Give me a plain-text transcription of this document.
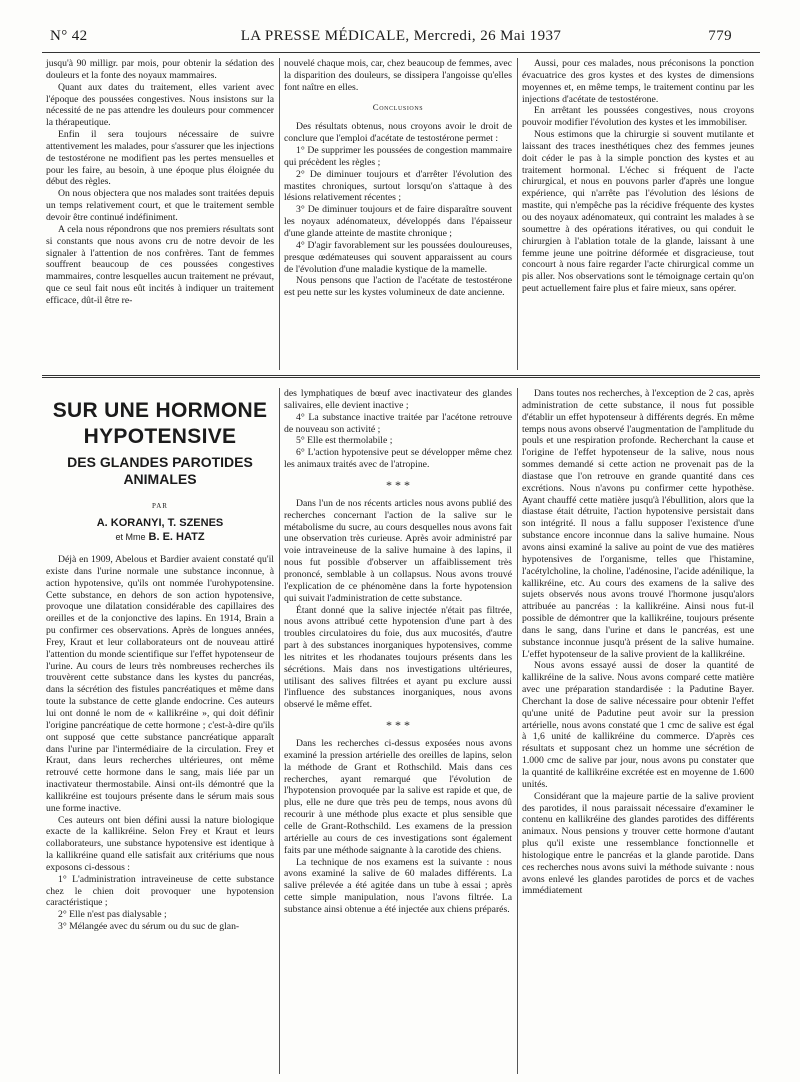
N° 42	LA PRESSE MÉDICALE, Mercredi, 26 Mai 1937	779

jusqu'à 90 milligr. par mois, pour obtenir la sédation des douleurs et la fonte des noyaux mammaires.

Quant aux dates du traitement, elles varient avec l'époque des poussées congestives. Nous insistons sur la nécessité de ne pas attendre les douleurs pour commencer la thérapeutique.

Enfin il sera toujours nécessaire de suivre attentivement les malades, pour s'assurer que les injections de testostérone ne modifient pas les pertes mensuelles et pour les faire, au besoin, à une époque plus éloignée du début des règles.

On nous objectera que nos malades sont traitées depuis un temps relativement court, et que le traitement semble devoir être continué indéfiniment.

A cela nous répondrons que nos premiers résultats sont si constants que nous avons cru de notre devoir de les signaler à l'attention de nos confrères. Tant de femmes souffrent beaucoup de ces poussées congestives mammaires, contre lesquelles aucun traitement ne prévaut, que ce seul fait nous eût incités à indiquer un traitement efficace, dût-il être re-

nouvelé chaque mois, car, chez beaucoup de femmes, avec la disparition des douleurs, se dissipera l'angoisse qu'elles font naître en elles.

Conclusions

Des résultats obtenus, nous croyons avoir le droit de conclure que l'emploi d'acétate de testostérone permet :

1° De supprimer les poussées de congestion mammaire qui précèdent les règles ;

2° De diminuer toujours et d'arrêter l'évolution des mastites chroniques, surtout lorsqu'on s'attaque à des lésions relativement récentes ;

3° De diminuer toujours et de faire disparaître souvent les noyaux adénomateux, développés dans l'épaisseur d'une glande atteinte de mastite chronique ;

4° D'agir favorablement sur les poussées douloureuses, presque œdémateuses qui souvent apparaissent au cours de l'évolution d'une maladie kystique de la mamelle.

Nous pensons que l'action de l'acétate de testostérone est peu nette sur les kystes volumineux de date ancienne.

Aussi, pour ces malades, nous préconisons la ponction évacuatrice des gros kystes et des kystes de dimensions moyennes et, en même temps, le traitement continu par les injections d'acétate de testostérone.

En arrêtant les poussées congestives, nous croyons pouvoir modifier l'évolution des kystes et les immobiliser.

Nous estimons que la chirurgie si souvent mutilante et laissant des traces inesthétiques chez des femmes jeunes doit céder le pas à la simple ponction des kystes et au traitement hormonal. L'échec si fréquent de l'acte chirurgical, et nous en pouvons parler d'après une longue expérience, qui n'arrête pas l'évolution des lésions de mastite, qui n'empêche pas la récidive fréquente des kystes ou des noyaux adénomateux, qui contraint les malades à se soumettre à des opérations itératives, ou qui conduit le chirurgien à l'ablation totale de la glande, laissant à une femme jeune une poitrine déformée et disgracieuse, tout concourt à nous faire regarder l'acte chirurgical comme un pis aller. Nos observations sont le témoignage certain qu'on peut actuellement faire plus et faire mieux, sans opérer.

SUR UNE HORMONE HYPOTENSIVE

DES GLANDES PAROTIDES ANIMALES

PAR

A. KORANYI, T. SZENES

et Mme B. E. HATZ

Déjà en 1909, Abelous et Bardier avaient constaté qu'il existe dans l'urine normale une substance inconnue, à action hypotensive, qu'ils ont nommée l'urohypotensine. Cette substance, en dehors de son action hypotensive, provoque une dilatation considérable des capillaires des oreilles et de la conjonctive des lapins. En 1914, Brain a pu confirmer ces observations. Après de longues années, Frey, Kraut et leur collaborateurs ont de nouveau attiré l'attention du monde scientifique sur l'effet hypotenseur de l'urine. Au cours de leurs très nombreuses recherches ils trouvèrent cette substance dans les kystes du pancréas, dans la sécrétion des fistules pancréatiques et même dans toute la substance de cette glande endocrine. Ces auteurs lui ont donné le nom de « kallikréine », qui doit définir l'origine pancréatique de cette hormone ; c'est-à-dire qu'ils ont supposé que cette substance pancréatique apparaît dans l'urine par l'intermédiaire de la circulation. Frey et Kraut, dans leurs recherches ultérieures, ont même retrouvé cette hormone dans le sang, mais liée par un inactivateur thermostabile. Ainsi ont-ils démontré que la kallikréine est toujours présente dans le sérum mais sous une forme inactive.

Ces auteurs ont bien défini aussi la nature biologique exacte de la kallikréine. Selon Frey et Kraut et leurs collaborateurs, une substance hypotensive est identique à la kallikréine quand elle satisfait aux critériums que nous exposons ci-dessous :

1° L'administration intraveineuse de cette substance chez le chien doit provoquer une hypotension caractéristique ;

2° Elle n'est pas dialysable ;

3° Mélangée avec du sérum ou du suc de glan-

des lymphatiques de bœuf avec inactivateur des glandes salivaires, elle devient inactive ;

4° La substance inactive traitée par l'acétone retrouve de nouveau son activité ;

5° Elle est thermolabile ;

6° L'action hypotensive peut se développer même chez les animaux traités avec de l'atropine.

* * *

Dans l'un de nos récents articles nous avons publié des recherches concernant l'action de la salive sur le métabolisme du sucre, au cours desquelles nous avons fait une observation très curieuse. Après avoir administré par voie intraveineuse de la salive humaine à des lapins, il nous fut possible d'observer un affaiblissement très prononcé, semblable à un collapsus. Nous avons trouvé l'explication de ce phénomène dans la forte hypotension qui suivait l'administration de cette substance.

Étant donné que la salive injectée n'était pas filtrée, nous avons attribué cette hypotension d'une part à des troubles circulatoires du foie, dus aux mucosités, d'autre part à des substances inorganiques hypotensives, comme les nitrites et les rhodanates toujours présents dans les sécrétions. Mais dans nos investigations ultérieures, utilisant des salives filtrées et ayant pu exclure aussi l'influence des substances inorganiques, nous avons observé le même effet.

* * *

Dans les recherches ci-dessus exposées nous avons examiné la pression artérielle des oreilles de lapins, selon la méthode de Grant et Rothschild. Mais dans ces recherches, ayant remarqué que l'évolution de l'hypotension provoquée par la salive est rapide et que, de plus, elle ne dure que très peu de temps, nous avons dû recourir à une méthode plus exacte et plus sensible que celle de Grant-Rothschild. Les examens de la pression artérielle au cours de ces investigations sont également faits par une méthode saignante à la carotide des chiens.

La technique de nos examens est la suivante : nous avons examiné la salive de 60 malades différents. La salive prélevée a été agitée dans un tube à essai ; après cette simple manipulation, nous l'avons filtrée. La substance ainsi obtenue a été injectée aux chiens préparés.

Dans toutes nos recherches, à l'exception de 2 cas, après administration de cette substance, il nous fut possible d'établir un effet hypotenseur à différents degrés. En même temps nous avons observé l'augmentation de l'amplitude du pouls et une respiration profonde. Recherchant la cause et l'origine de l'effet hypotenseur de la salive, nous nous sommes demandé si cette action ne provenait pas de la diastase que l'on retrouve en grande quantité dans ces excrétions. Nous n'avons pu confirmer cette hypothèse. Ayant chauffé cette matière jusqu'à l'ébullition, alors que la diastase était détruite, l'action hypotensive persistait dans son intégrité. Il nous a fallu supposer l'existence d'une substance encore inconnue dans la salive humaine. Nous avons ainsi examiné la salive au point de vue des matières hypotensives de l'organisme, telles que l'histamine, l'acétylcholine, la choline, l'adénosine, l'acide adénilique, la kallikréine, etc. Au cours des examens de la salive des sujets observés nous avons trouvé l'hormone jusqu'alors attribuée au pancréas : la kallikréine. Ainsi nous fut-il possible de démontrer que la kallikréine, toujours présente dans le sang, dans l'urine et dans le pancréas, est une substance inconnue jusqu'à présent de la salive humaine. L'effet hypotenseur de la salive provient de la kallikréine.

Nous avons essayé aussi de doser la quantité de kallikréine de la salive. Nous avons comparé cette matière avec une préparation standardisée : la Padutine Bayer. Cherchant la dose de salive nécessaire pour obtenir l'effet qu'une unité de Padutine peut avoir sur la pression artérielle, nous avons constaté que 1 cmc de salive est égal à 1,6 unité de kallikréine du commerce. D'après ces résultats et supposant chez un homme une sécrétion de 1.000 cmc de salive par jour, nous avons pu constater que la quantité de kallikréine excrétée est en moyenne de 1.600 unités.

Considérant que la majeure partie de la salive provient des parotides, il nous paraissait nécessaire d'examiner le contenu en kallikréine des glandes parotides des différents animaux. Nous pensions y trouver cette hormone d'autant plus qu'il existe une ressemblance fonctionnelle et histologique entre le pancréas et la glande parotide. Dans ces recherches nous avons suivi la méthode suivante : nous avons enlevé les glandes parotides de porcs et de vaches immédiatement
